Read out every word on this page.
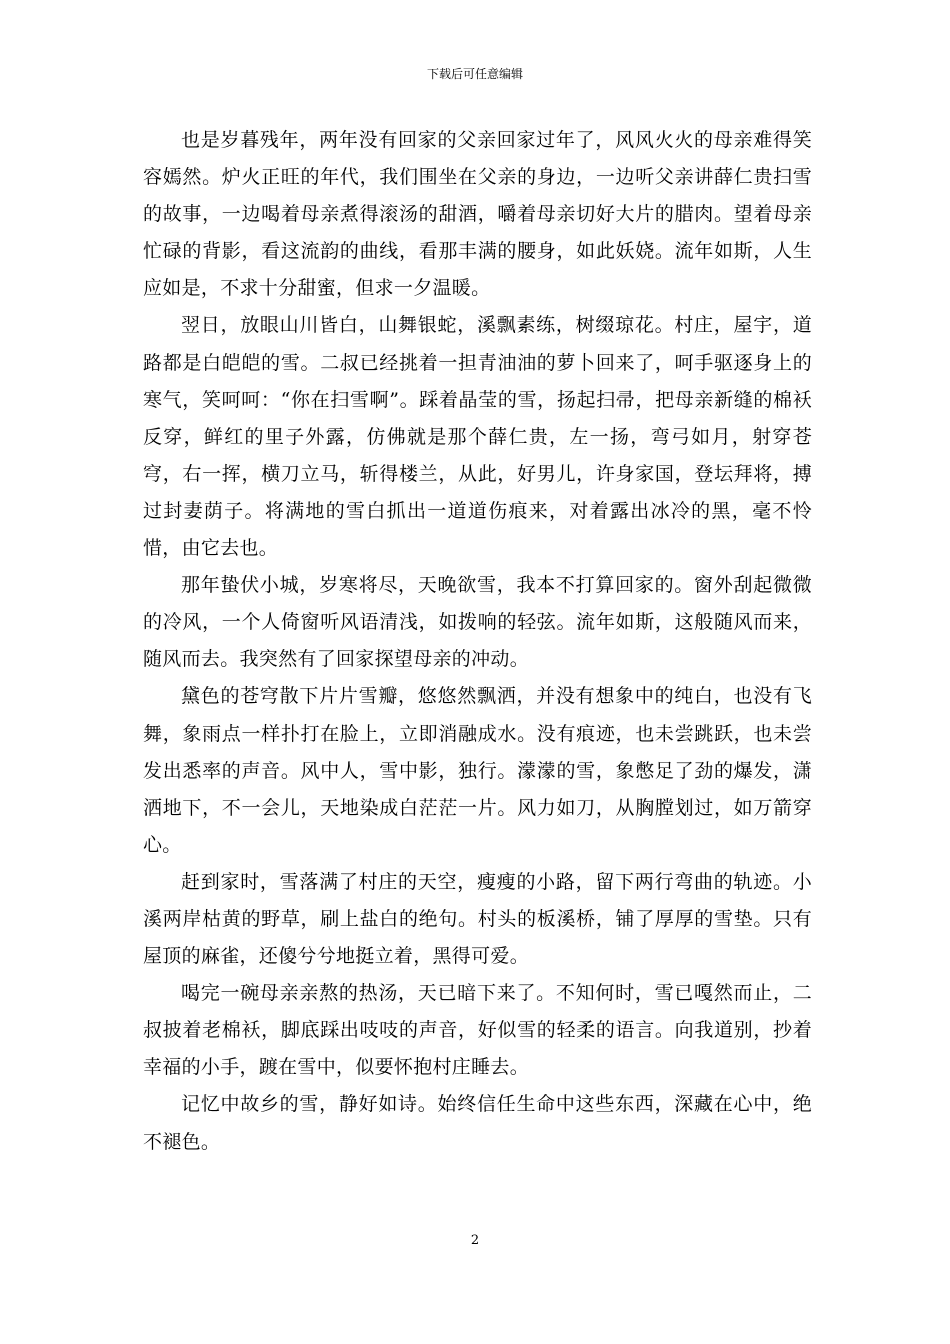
下载后可任意编辑

也是岁暮残年，两年没有回家的父亲回家过年了，风风火火的母亲难得笑容嫣然。炉火正旺的年代，我们围坐在父亲的身边，一边听父亲讲薛仁贵扫雪的故事，一边喝着母亲煮得滚汤的甜酒，嚼着母亲切好大片的腊肉。望着母亲忙碌的背影，看这流韵的曲线，看那丰满的腰身，如此妖娆。流年如斯，人生应如是，不求十分甜蜜，但求一夕温暖。

翌日，放眼山川皆白，山舞银蛇，溪飘素练，树缀琼花。村庄，屋宇，道路都是白皑皑的雪。二叔已经挑着一担青油油的萝卜回来了，呵手驱逐身上的寒气，笑呵呵：“你在扫雪啊”。踩着晶莹的雪，扬起扫帚，把母亲新缝的棉袄反穿，鲜红的里子外露，仿佛就是那个薛仁贵，左一扬，弯弓如月，射穿苍穹，右一挥，横刀立马，斩得楼兰，从此，好男儿，许身家国，登坛拜将，搏过封妻荫子。将满地的雪白抓出一道道伤痕来，对着露出冰冷的黑，毫不怜惜，由它去也。

那年蛰伏小城，岁寒将尽，天晚欲雪，我本不打算回家的。窗外刮起微微的冷风，一个人倚窗听风语清浅，如拨响的轻弦。流年如斯，这般随风而来，随风而去。我突然有了回家探望母亲的冲动。

黛色的苍穹散下片片雪瓣，悠悠然飘洒，并没有想象中的纯白，也没有飞舞，象雨点一样扑打在脸上，立即消融成水。没有痕迹，也未尝跳跃，也未尝发出悉率的声音。风中人，雪中影，独行。濛濛的雪，象憋足了劲的爆发，潇洒地下，不一会儿，天地染成白茫茫一片。风力如刀，从胸膛划过，如万箭穿心。

赶到家时，雪落满了村庄的天空，瘦瘦的小路，留下两行弯曲的轨迹。小溪两岸枯黄的野草，刷上盐白的绝句。村头的板溪桥，铺了厚厚的雪垫。只有屋顶的麻雀，还傻兮兮地挺立着，黑得可爱。

喝完一碗母亲亲熬的热汤，天已暗下来了。不知何时，雪已嘎然而止，二叔披着老棉袄，脚底踩出吱吱的声音，好似雪的轻柔的语言。向我道别，抄着幸福的小手，踱在雪中，似要怀抱村庄睡去。

记忆中故乡的雪，静好如诗。始终信任生命中这些东西，深藏在心中，绝不褪色。

2
